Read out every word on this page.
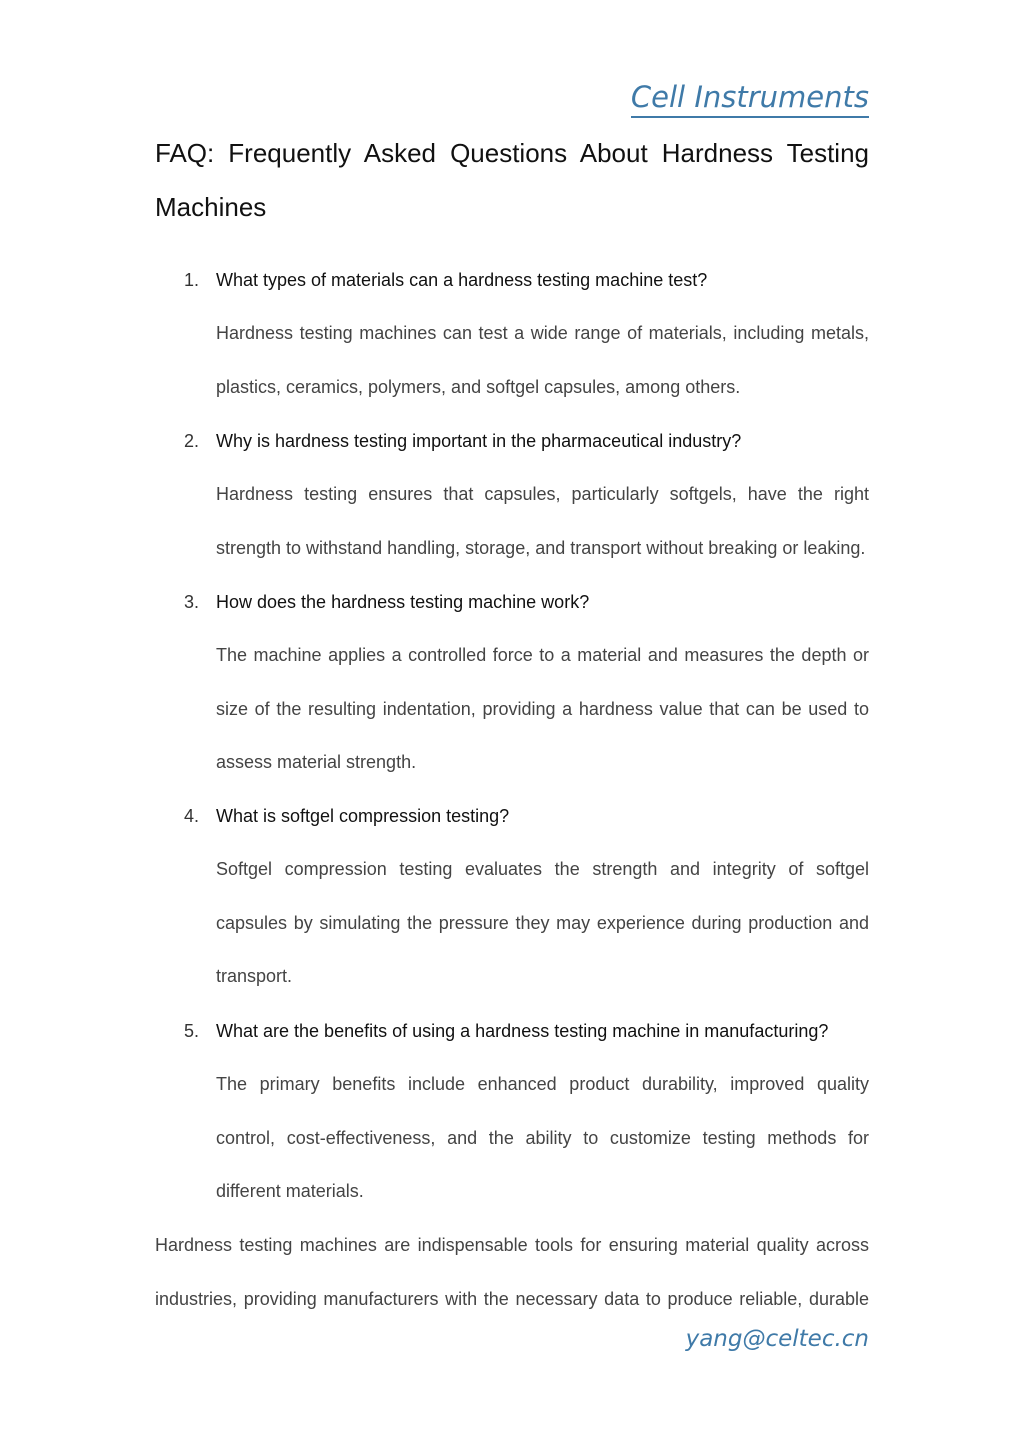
Cell Instruments
FAQ: Frequently Asked Questions About Hardness Testing Machines
1. What types of materials can a hardness testing machine test?

Hardness testing machines can test a wide range of materials, including metals, plastics, ceramics, polymers, and softgel capsules, among others.

2. Why is hardness testing important in the pharmaceutical industry?

Hardness testing ensures that capsules, particularly softgels, have the right strength to withstand handling, storage, and transport without breaking or leaking.

3. How does the hardness testing machine work?

The machine applies a controlled force to a material and measures the depth or size of the resulting indentation, providing a hardness value that can be used to assess material strength.

4. What is softgel compression testing?

Softgel compression testing evaluates the strength and integrity of softgel capsules by simulating the pressure they may experience during production and transport.

5. What are the benefits of using a hardness testing machine in manufacturing?

The primary benefits include enhanced product durability, improved quality control, cost-effectiveness, and the ability to customize testing methods for different materials.

Hardness testing machines are indispensable tools for ensuring material quality across industries, providing manufacturers with the necessary data to produce reliable, durable

yang@celtec.cn
